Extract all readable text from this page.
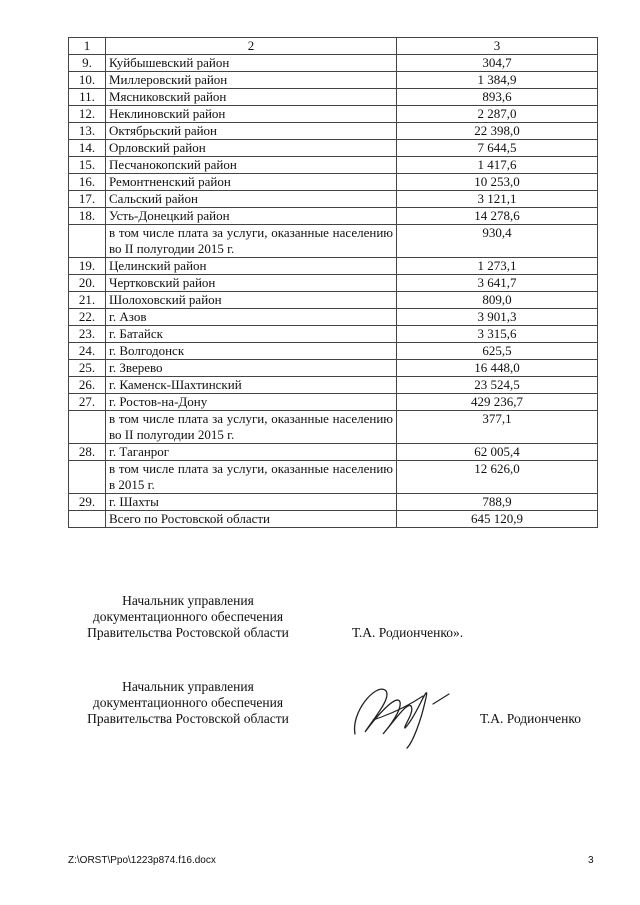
1	2	3
9.	Куйбышевский район	304,7
10.	Миллеровский район	1 384,9
11.	Мясниковский район	893,6
12.	Неклиновский район	2 287,0
13.	Октябрьский район	22 398,0
14.	Орловский район	7 644,5
15.	Песчанокопский район	1 417,6
16.	Ремонтненский район	10 253,0
17.	Сальский район	3 121,1
18.	Усть-Донецкий район	14 278,6
	в том числе плата за услуги, оказанные населению во II полугодии 2015 г.	930,4
19.	Целинский район	1 273,1
20.	Чертковский район	3 641,7
21.	Шолоховский район	809,0
22.	г. Азов	3 901,3
23.	г. Батайск	3 315,6
24.	г. Волгодонск	625,5
25.	г. Зверево	16 448,0
26.	г. Каменск-Шахтинский	23 524,5
27.	г. Ростов-на-Дону	429 236,7
	в том числе плата за услуги, оказанные населению во II полугодии 2015 г.	377,1
28.	г. Таганрог	62 005,4
	в том числе плата за услуги, оказанные населению в 2015 г.	12 626,0
29.	г. Шахты	788,9
	Всего по Ростовской области	645 120,9
Начальник управления
документационного обеспечения
Правительства Ростовской области	Т.А. Родионченко».
Начальник управления
документационного обеспечения
Правительства Ростовской области	Т.А. Родионченко
Z:\ORST\Ppo\1223p874.f16.docx	3
